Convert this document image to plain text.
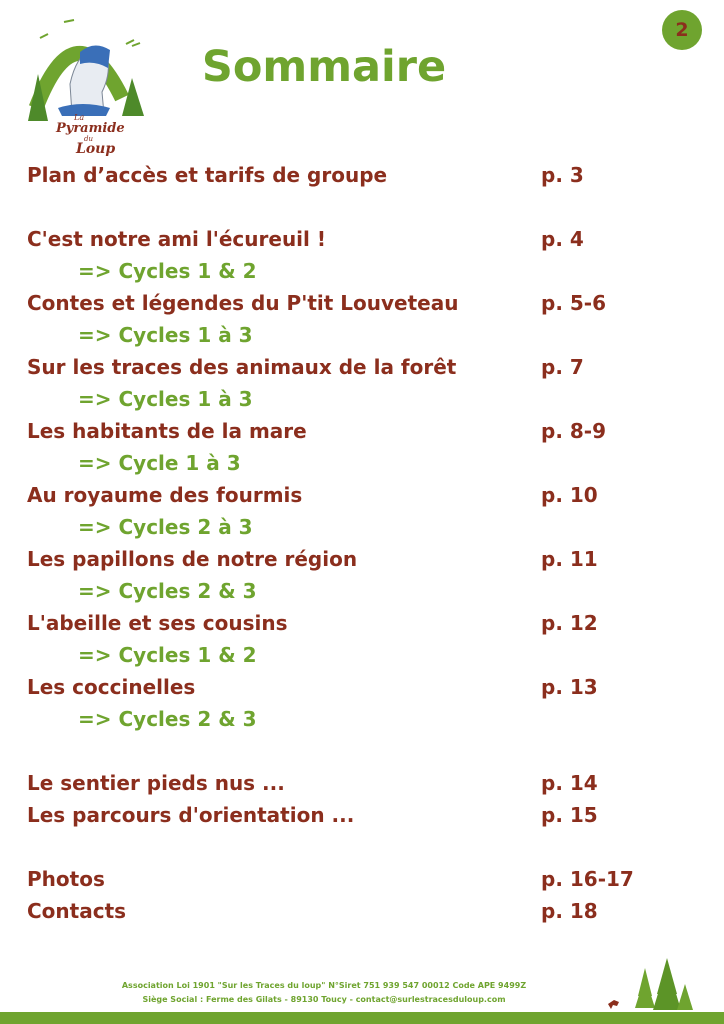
La
Pyramide
du
Loup
2
Sommaire
Plan d’accès et tarifs de groupe	p. 3
C'est notre ami l'écureuil !	p. 4
=> Cycles 1 & 2
Contes et légendes du P'tit Louveteau	p. 5-6
=> Cycles 1 à 3
Sur les traces des animaux de la forêt	p. 7
=> Cycles 1 à 3
Les habitants de la mare	p. 8-9
=> Cycle 1 à 3
Au royaume des fourmis	p. 10
=> Cycles 2 à 3
Les papillons de notre région	p. 11
=> Cycles 2 & 3
L'abeille et ses cousins	p. 12
=> Cycles 1 & 2
Les coccinelles	p. 13
=> Cycles 2 & 3
Le sentier pieds nus ...	p. 14
Les parcours d'orientation ...	p. 15
Photos	p. 16-17
Contacts	p. 18
Association Loi 1901 "Sur les Traces du loup" N°Siret 751 939 547 00012 Code APE 9499Z
Siège Social : Ferme des Gilats - 89130 Toucy - contact@surlestracesduloup.com
